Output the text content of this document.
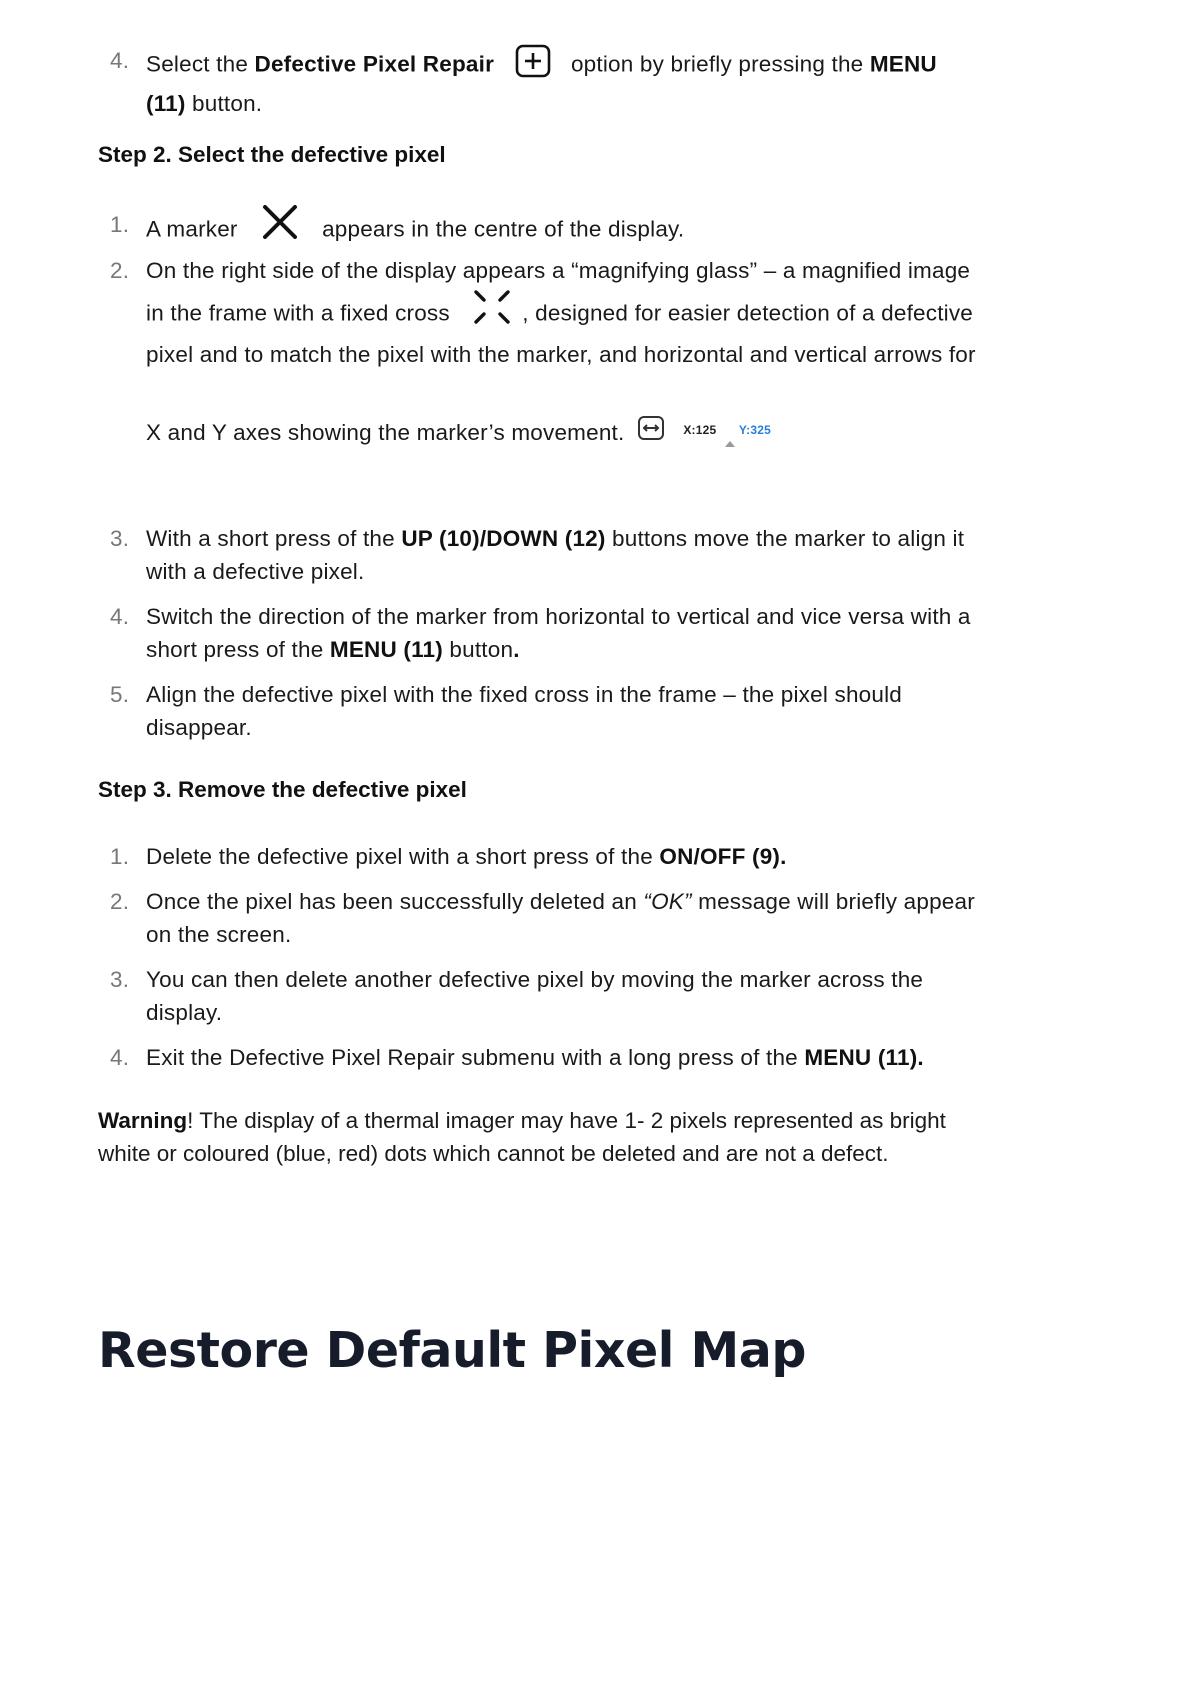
4. Select the Defective Pixel Repair	option by briefly pressing the MENU
(11) button.
Step 2. Select the defective pixel
1. A marker	appears in the centre of the display.
2. On the right side of the display appears a “magnifying glass” – a magnified image
in the frame with a fixed cross	, designed for easier detection of a defective
pixel and to match the pixel with the marker, and horizontal and vertical arrows for
X and Y axes showing the marker’s movement.	X:125 Y:325
3. With a short press of the UP (10)/DOWN (12) buttons move the marker to align it
with a defective pixel.
4. Switch the direction of the marker from horizontal to vertical and vice versa with a
short press of the MENU (11) button.
5. Align the defective pixel with the fixed cross in the frame – the pixel should
disappear.
Step 3. Remove the defective pixel
1. Delete the defective pixel with a short press of the ON/OFF (9).
2. Once the pixel has been successfully deleted an “OK” message will briefly appear
on the screen.
3. You can then delete another defective pixel by moving the marker across the
display.
4. Exit the Defective Pixel Repair submenu with a long press of the MENU (11).
Warning! The display of a thermal imager may have 1- 2 pixels represented as bright
white or coloured (blue, red) dots which cannot be deleted and are not a defect.
Restore Default Pixel Map
